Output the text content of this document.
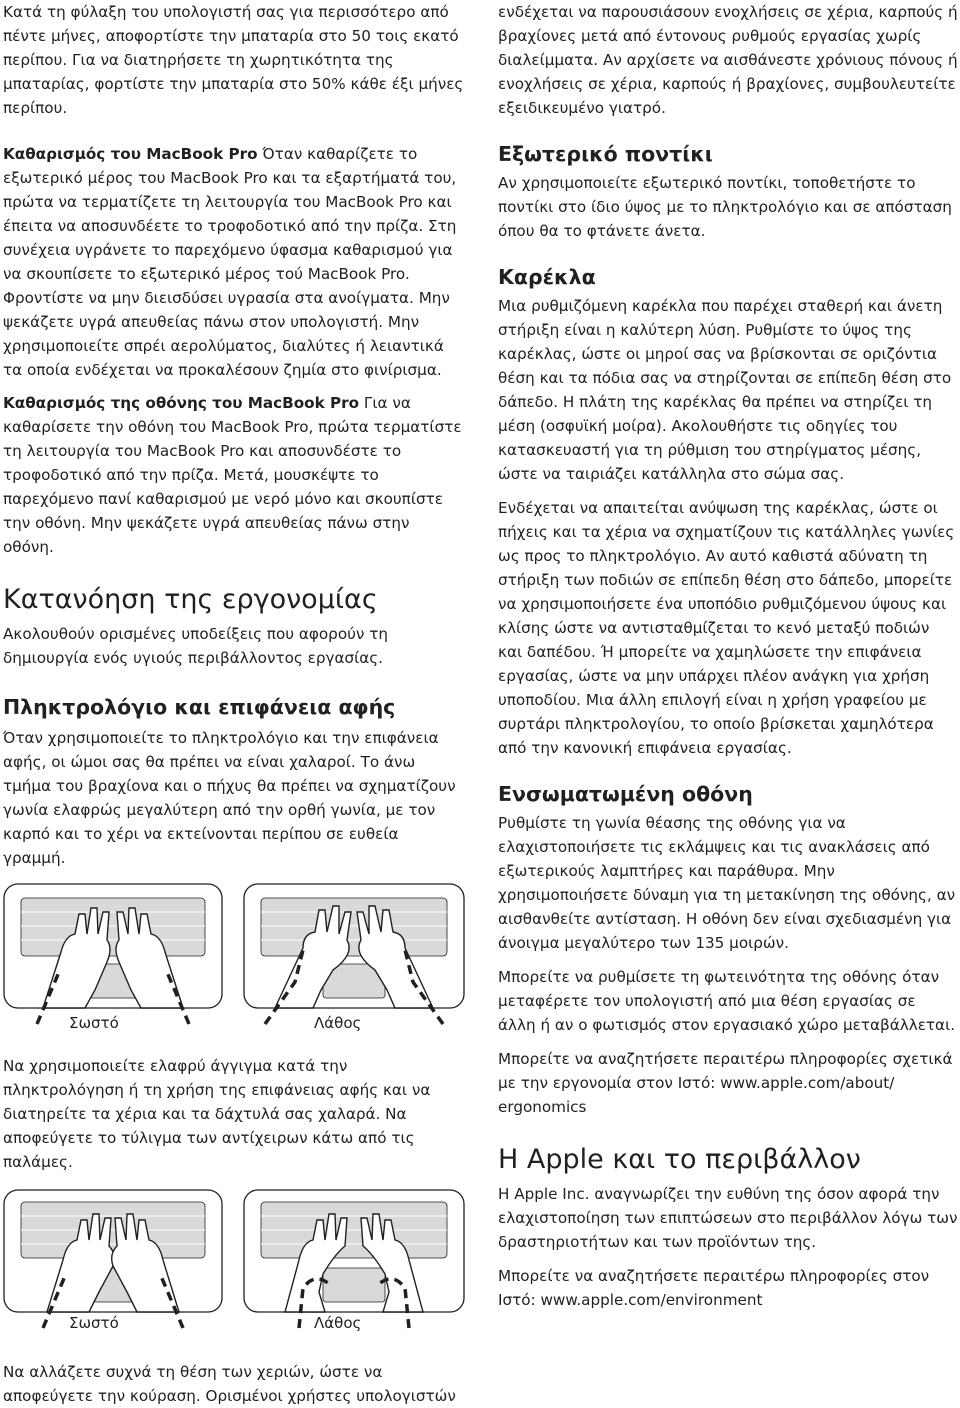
Κατά τη φύλαξη του υπολογιστή σας για περισσότερο από πέντε μήνες, αποφορτίστε την μπαταρία στο 50 τοις εκατό περίπου. Για να διατηρήσετε τη χωρητικότητα της μπαταρίας, φορτίστε την μπαταρία στο 50% κάθε έξι μήνες περίπου.

Καθαρισμός του MacBook Pro Όταν καθαρίζετε το εξωτερικό μέρος του MacBook Pro και τα εξαρτήματά του, πρώτα να τερματίζετε τη λειτουργία του MacBook Pro και έπειτα να αποσυνδέετε το τροφοδοτικό από την πρίζα. Στη συνέχεια υγράνετε το παρεχόμενο ύφασμα καθαρισμού για να σκουπίσετε το εξωτερικό μέρος τού MacBook Pro. Φροντίστε να μην διεισδύσει υγρασία στα ανοίγματα. Μην ψεκάζετε υγρά απευθείας πάνω στον υπολογιστή. Μην χρησιμοποιείτε σπρέι αερολύματος, διαλύτες ή λειαντικά τα οποία ενδέχεται να προκαλέσουν ζημία στο φινίρισμα.

Καθαρισμός της οθόνης του MacBook Pro Για να καθαρίσετε την οθόνη του MacBook Pro, πρώτα τερματίστε τη λειτουργία του MacBook Pro και αποσυνδέστε το τροφοδοτικό από την πρίζα. Μετά, μουσκέψτε το παρεχόμενο πανί καθαρισμού με νερό μόνο και σκουπίστε την οθόνη. Μην ψεκάζετε υγρά απευθείας πάνω στην οθόνη.

Κατανόηση της εργονομίας

Ακολουθούν ορισμένες υποδείξεις που αφορούν τη δημιουργία ενός υγιούς περιβάλλοντος εργασίας.

Πληκτρολόγιο και επιφάνεια αφής

Όταν χρησιμοποιείτε το πληκτρολόγιο και την επιφάνεια αφής, οι ώμοι σας θα πρέπει να είναι χαλαροί. Το άνω τμήμα του βραχίονα και ο πήχυς θα πρέπει να σχηματίζουν γωνία ελαφρώς μεγαλύτερη από την ορθή γωνία, με τον καρπό και το χέρι να εκτείνονται περίπου σε ευθεία γραμμή.

Σωστό	Λάθος

Να χρησιμοποιείτε ελαφρύ άγγιγμα κατά την πληκτρολόγηση ή τη χρήση της επιφάνειας αφής και να διατηρείτε τα χέρια και τα δάχτυλά σας χαλαρά. Να αποφεύγετε το τύλιγμα των αντίχειρων κάτω από τις παλάμες.

Σωστό	Λάθος

Να αλλάζετε συχνά τη θέση των χεριών, ώστε να αποφεύγετε την κούραση. Ορισμένοι χρήστες υπολογιστών

ενδέχεται να παρουσιάσουν ενοχλήσεις σε χέρια, καρπούς ή βραχίονες μετά από έντονους ρυθμούς εργασίας χωρίς διαλείμματα. Αν αρχίσετε να αισθάνεστε χρόνιους πόνους ή ενοχλήσεις σε χέρια, καρπούς ή βραχίονες, συμβουλευτείτε εξειδικευμένο γιατρό.

Εξωτερικό ποντίκι

Αν χρησιμοποιείτε εξωτερικό ποντίκι, τοποθετήστε το ποντίκι στο ίδιο ύψος με το πληκτρολόγιο και σε απόσταση όπου θα το φτάνετε άνετα.

Καρέκλα

Μια ρυθμιζόμενη καρέκλα που παρέχει σταθερή και άνετη στήριξη είναι η καλύτερη λύση. Ρυθμίστε το ύψος της καρέκλας, ώστε οι μηροί σας να βρίσκονται σε οριζόντια θέση και τα πόδια σας να στηρίζονται σε επίπεδη θέση στο δάπεδο. Η πλάτη της καρέκλας θα πρέπει να στηρίζει τη μέση (οσφυϊκή μοίρα). Ακολουθήστε τις οδηγίες του κατασκευαστή για τη ρύθμιση του στηρίγματος μέσης, ώστε να ταιριάζει κατάλληλα στο σώμα σας.

Ενδέχεται να απαιτείται ανύψωση της καρέκλας, ώστε οι πήχεις και τα χέρια να σχηματίζουν τις κατάλληλες γωνίες ως προς το πληκτρολόγιο. Αν αυτό καθιστά αδύνατη τη στήριξη των ποδιών σε επίπεδη θέση στο δάπεδο, μπορείτε να χρησιμοποιήσετε ένα υποπόδιο ρυθμιζόμενου ύψους και κλίσης ώστε να αντισταθμίζεται το κενό μεταξύ ποδιών και δαπέδου. Ή μπορείτε να χαμηλώσετε την επιφάνεια εργασίας, ώστε να μην υπάρχει πλέον ανάγκη για χρήση υποποδίου. Μια άλλη επιλογή είναι η χρήση γραφείου με συρτάρι πληκτρολογίου, το οποίο βρίσκεται χαμηλότερα από την κανονική επιφάνεια εργασίας.

Ενσωματωμένη οθόνη

Ρυθμίστε τη γωνία θέασης της οθόνης για να ελαχιστοποιήσετε τις εκλάμψεις και τις ανακλάσεις από εξωτερικούς λαμπτήρες και παράθυρα. Μην χρησιμοποιήσετε δύναμη για τη μετακίνηση της οθόνης, αν αισθανθείτε αντίσταση. Η οθόνη δεν είναι σχεδιασμένη για άνοιγμα μεγαλύτερο των 135 μοιρών.

Μπορείτε να ρυθμίσετε τη φωτεινότητα της οθόνης όταν μεταφέρετε τον υπολογιστή από μια θέση εργασίας σε άλλη ή αν ο φωτισμός στον εργασιακό χώρο μεταβάλλεται.

Μπορείτε να αναζητήσετε περαιτέρω πληροφορίες σχετικά με την εργονομία στον Ιστό: www.apple.com/about/ ergonomics

Η Apple και το περιβάλλον

Η Apple Inc. αναγνωρίζει την ευθύνη της όσον αφορά την ελαχιστοποίηση των επιπτώσεων στο περιβάλλον λόγω των δραστηριοτήτων και των προϊόντων της.

Μπορείτε να αναζητήσετε περαιτέρω πληροφορίες στον Ιστό: www.apple.com/environment
